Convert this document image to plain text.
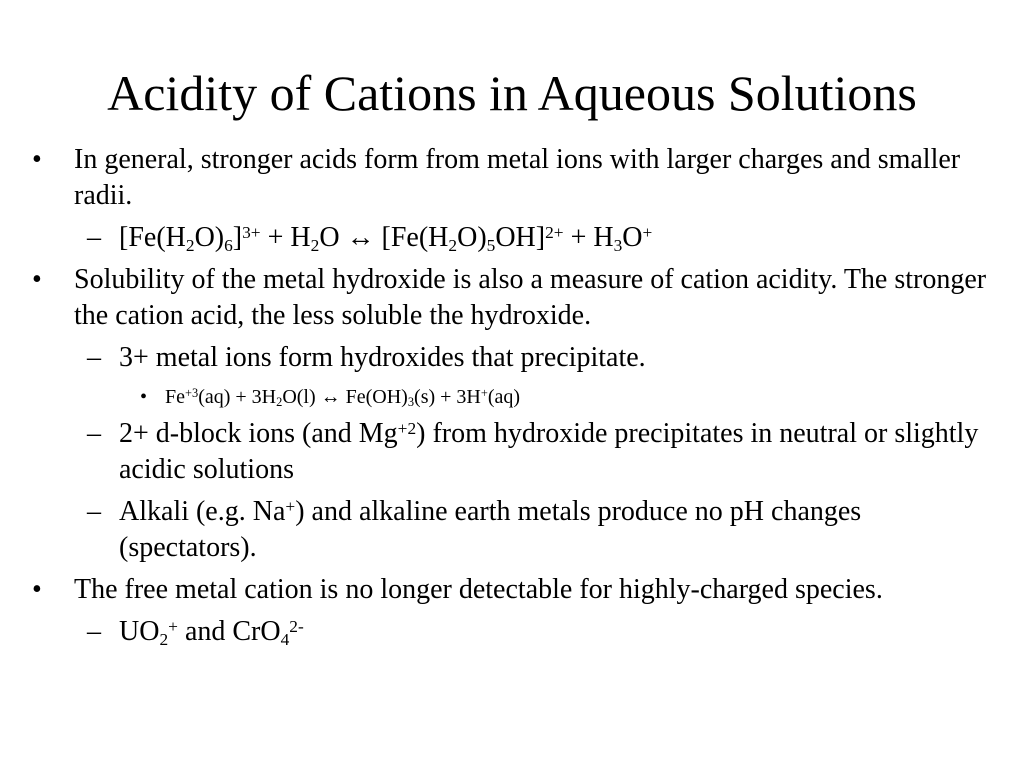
Acidity of Cations in Aqueous Solutions

• In general, stronger acids form from metal ions with larger charges and smaller radii.

– $[Fe(H_2O)_6]^{3+} + H_2O$ ↔ $[Fe(H_2O)_5OH]^{2+} + H_3O^+$

• Solubility of the metal hydroxide is also a measure of cation acidity. The stronger the cation acid, the less soluble the hydroxide.

– 3+ metal ions form hydroxides that precipitate.

• $Fe^{+3}(aq) + 3H_2O(l)$ ↔ $Fe(OH)_3(s) + 3H^+(aq)$

– 2+ d-block ions (and $Mg^{+2}$) from hydroxide precipitates in neutral or slightly acidic solutions

– Alkali (e.g. Na+) and alkaline earth metals produce no pH changes (spectators).

• The free metal cation is no longer detectable for highly-charged species.

– $UO_2^+$ and CrO$_4^{2-}$
